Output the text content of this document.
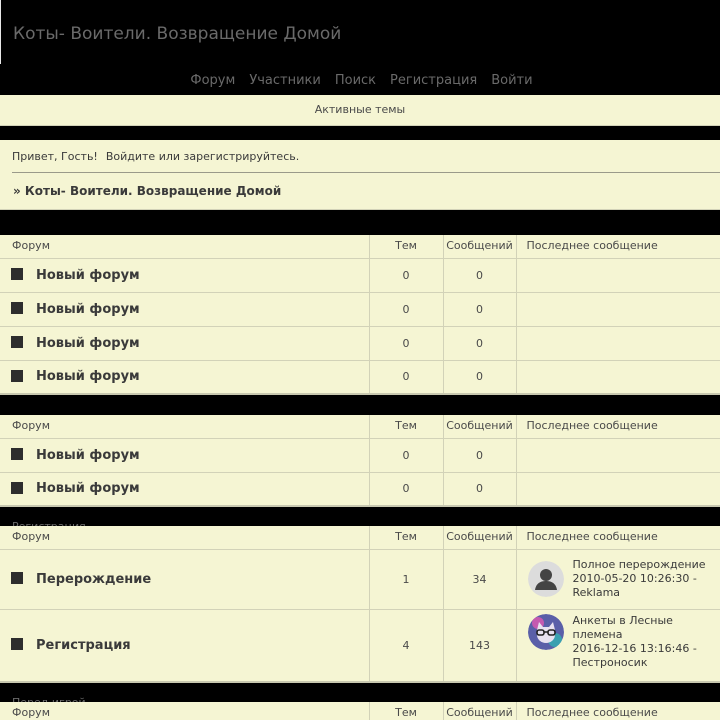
Коты- Воители. Возвращение Домой
Форум Участники Поиск Регистрация Войти
Активные темы
Привет, Гость! Войдите или зарегистрируйтесь.
» Коты- Воители. Возвращение Домой
Форум	Тем	Сообщений	Последнее сообщение

Новый форум	0	0	

Новый форум	0	0	

Новый форум	0	0	

Новый форум	0	0	
Форум	Тем	Сообщений	Последнее сообщение

Новый форум	0	0	

Новый форум	0	0	
Форум	Тем	Сообщений	Последнее сообщение

Перерождение	1	34	Полное перерождение
2010-05-20 10:26:30 -
Reklama

Регистрация	4	143	Анкеты в Лесные
племена
2016-12-16 13:16:46 -
Пестроносик
Форум	Тем	Сообщений	Последнее сообщение
